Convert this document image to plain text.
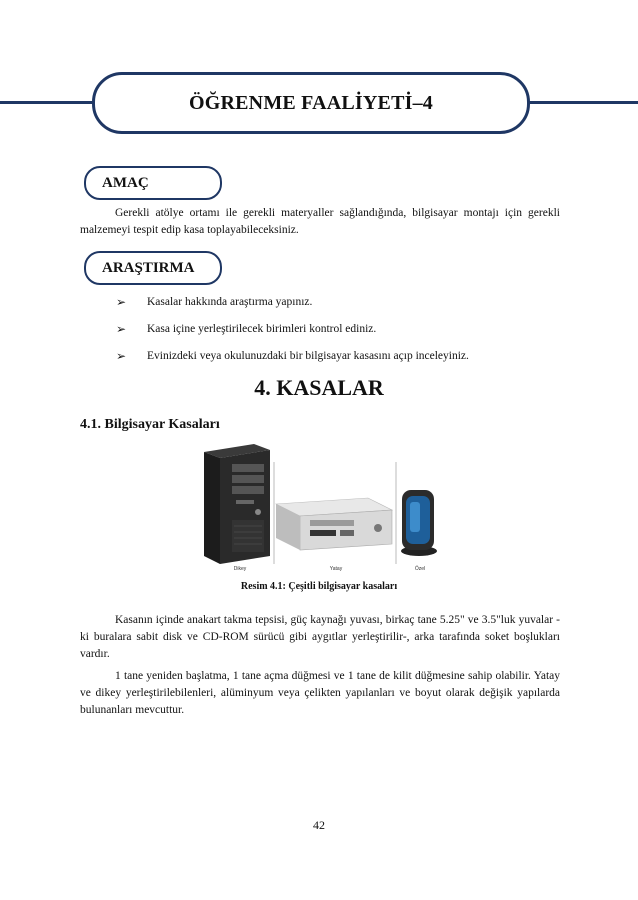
ÖĞRENME FAALİYETİ–4
AMAÇ

Gerekli atölye ortamı ile gerekli materyaller sağlandığında, bilgisayar montajı için gerekli malzemeyi tespit edip kasa toplayabileceksiniz.

ARAŞTIRMA
➢ Kasalar hakkında araştırma yapınız.
➢ Kasa içine yerleştirilecek birimleri kontrol ediniz.
➢ Evinizdeki veya okulunuzdaki bir bilgisayar kasasını açıp inceleyiniz.
4. KASALAR
4.1. Bilgisayar Kasaları
Dikey	Yatay	Özel
Resim 4.1: Çeşitli bilgisayar kasaları

Kasanın içinde anakart takma tepsisi, güç kaynağı yuvası, birkaç tane 5.25" ve 3.5"luk yuvalar -ki buralara sabit disk ve CD-ROM sürücü gibi aygıtlar yerleştirilir-, arka tarafında soket boşlukları vardır.

1 tane yeniden başlatma, 1 tane açma düğmesi ve 1 tane de kilit düğmesine sahip olabilir. Yatay ve dikey yerleştirilebilenleri, alüminyum veya çelikten yapılanları ve boyut olarak değişik yapılarda bulunanları mevcuttur.

42
